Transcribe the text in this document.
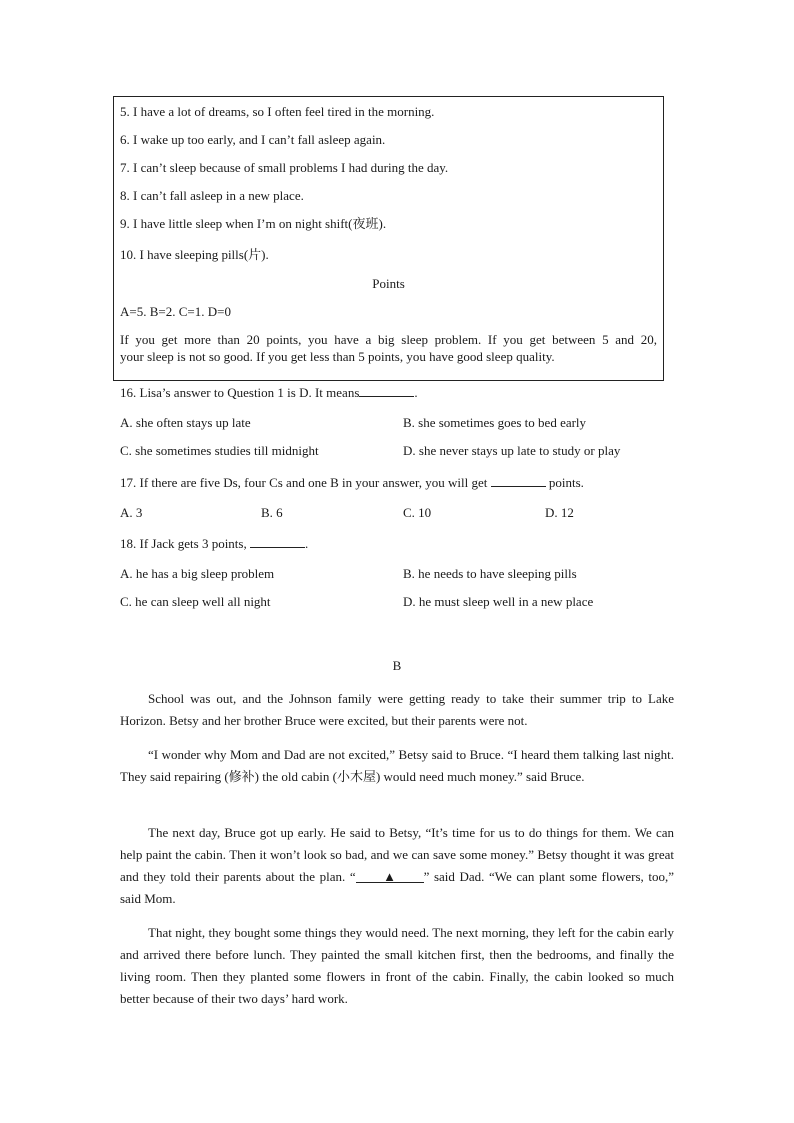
5. I have a lot of dreams, so I often feel tired in the morning.
6. I wake up too early, and I can’t fall asleep again.
7. I can’t sleep because of small problems I had during the day.
8. I can’t fall asleep in a new place.
9. I have little sleep when I’m on night shift(夜班).
10. I have sleeping pills(片).
Points
A=5. B=2. C=1. D=0
If you get more than 20 points, you have a big sleep problem. If you get between 5 and 20,
your sleep is not so good. If you get less than 5 points, you have good sleep quality.
16. Lisa’s answer to Question 1 is D. It means	.
A. she often stays up late	B. she sometimes goes to bed early
C. she sometimes studies till midnight	D. she never stays up late to study or play
17. If there are five Ds, four Cs and one B in your answer, you will get	points.
A. 3	B. 6	C. 10	D. 12
18. If Jack gets 3 points,	.
A. he has a big sleep problem	B. he needs to have sleeping pills
C. he can sleep well all night	D. he must sleep well in a new place
B
School was out, and the Johnson family were getting ready to take their summer trip to Lake Horizon. Betsy and her brother Bruce were excited, but their parents were not.
“I wonder why Mom and Dad are not excited,” Betsy said to Bruce. “I heard them talking last night. They said repairing (修补) the old cabin (小木屋) would need much money.” said Bruce.
The next day, Bruce got up early. He said to Betsy, “It’s time for us to do things for them. We can help paint the cabin. Then it won’t look so bad, and we can save some money.” Betsy thought it was great and they told their parents about the plan. “ ▲ ” said Dad. “We can plant some flowers, too,” said Mom.
That night, they bought some things they would need. The next morning, they left for the cabin early and arrived there before lunch. They painted the small kitchen first, then the bedrooms, and finally the living room. Then they planted some flowers in front of the cabin. Finally, the cabin looked so much better because of their two days’ hard work.
